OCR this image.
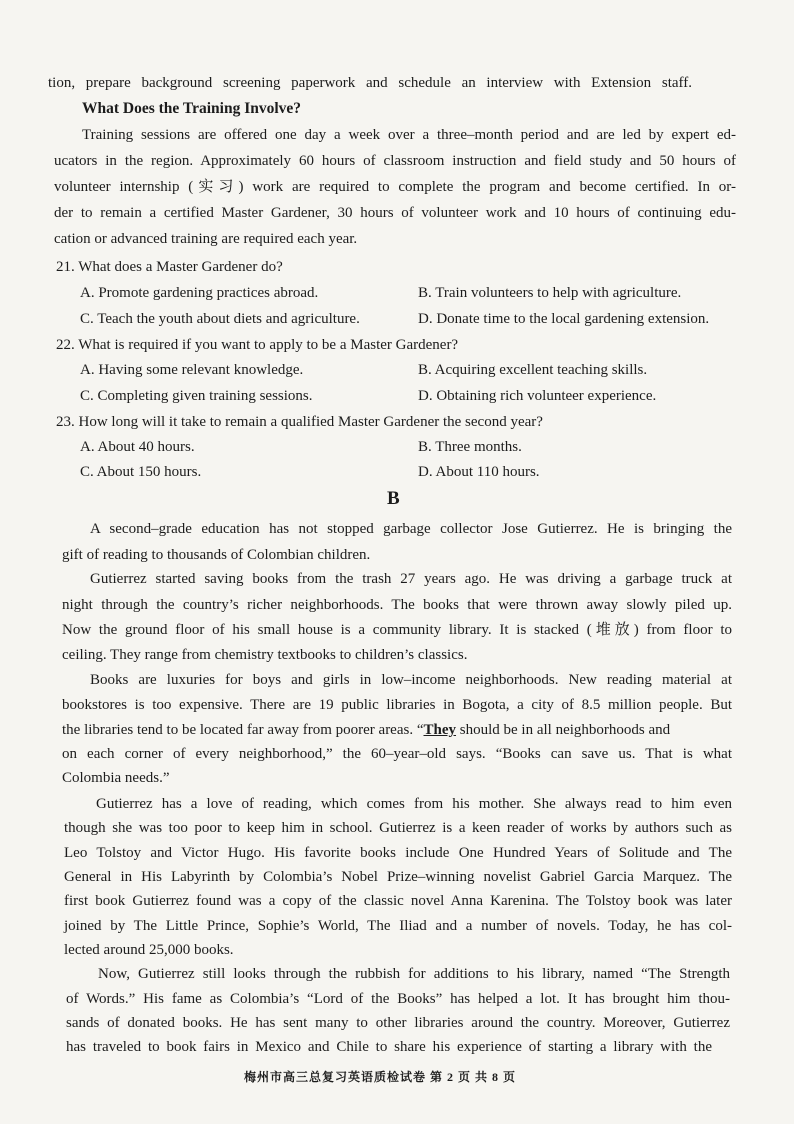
tion, prepare background screening paperwork and schedule an interview with Extension staff.
What Does the Training Involve?
Training sessions are offered one day a week over a three–month period and are led by expert ed-
ucators in the region. Approximately 60 hours of classroom instruction and field study and 50 hours of
volunteer internship (实习) work are required to complete the program and become certified. In or-
der to remain a certified Master Gardener, 30 hours of volunteer work and 10 hours of continuing edu-
cation or advanced training are required each year.
21. What does a Master Gardener do?
A. Promote gardening practices abroad.	B. Train volunteers to help with agriculture.
C. Teach the youth about diets and agriculture.	D. Donate time to the local gardening extension.
22. What is required if you want to apply to be a Master Gardener?
A. Having some relevant knowledge.	B. Acquiring excellent teaching skills.
C. Completing given training sessions.	D. Obtaining rich volunteer experience.
23. How long will it take to remain a qualified Master Gardener the second year?
A. About 40 hours.	B. Three months.
C. About 150 hours.	D. About 110 hours.
B
A second–grade education has not stopped garbage collector Jose Gutierrez. He is bringing the
gift of reading to thousands of Colombian children.
Gutierrez started saving books from the trash 27 years ago. He was driving a garbage truck at
night through the country’s richer neighborhoods. The books that were thrown away slowly piled up.
Now the ground floor of his small house is a community library. It is stacked (堆放) from floor to
ceiling. They range from chemistry textbooks to children’s classics.
Books are luxuries for boys and girls in low–income neighborhoods. New reading material at
bookstores is too expensive. There are 19 public libraries in Bogota, a city of 8.5 million people. But
the libraries tend to be located far away from poorer areas. “They should be in all neighborhoods and
on each corner of every neighborhood,” the 60–year–old says. “Books can save us. That is what
Colombia needs.”
Gutierrez has a love of reading, which comes from his mother. She always read to him even
though she was too poor to keep him in school. Gutierrez is a keen reader of works by authors such as
Leo Tolstoy and Victor Hugo. His favorite books include One Hundred Years of Solitude and The
General in His Labyrinth by Colombia’s Nobel Prize–winning novelist Gabriel Garcia Marquez. The
first book Gutierrez found was a copy of the classic novel Anna Karenina. The Tolstoy book was later
joined by The Little Prince, Sophie’s World, The Iliad and a number of novels. Today, he has col-
lected around 25,000 books.
Now, Gutierrez still looks through the rubbish for additions to his library, named “The Strength
of Words.” His fame as Colombia’s “Lord of the Books” has helped a lot. It has brought him thou-
sands of donated books. He has sent many to other libraries around the country. Moreover, Gutierrez
has traveled to book fairs in Mexico and Chile to share his experience of starting a library with the
梅州市高三总复习英语质检试卷 第 2 页 共 8 页
